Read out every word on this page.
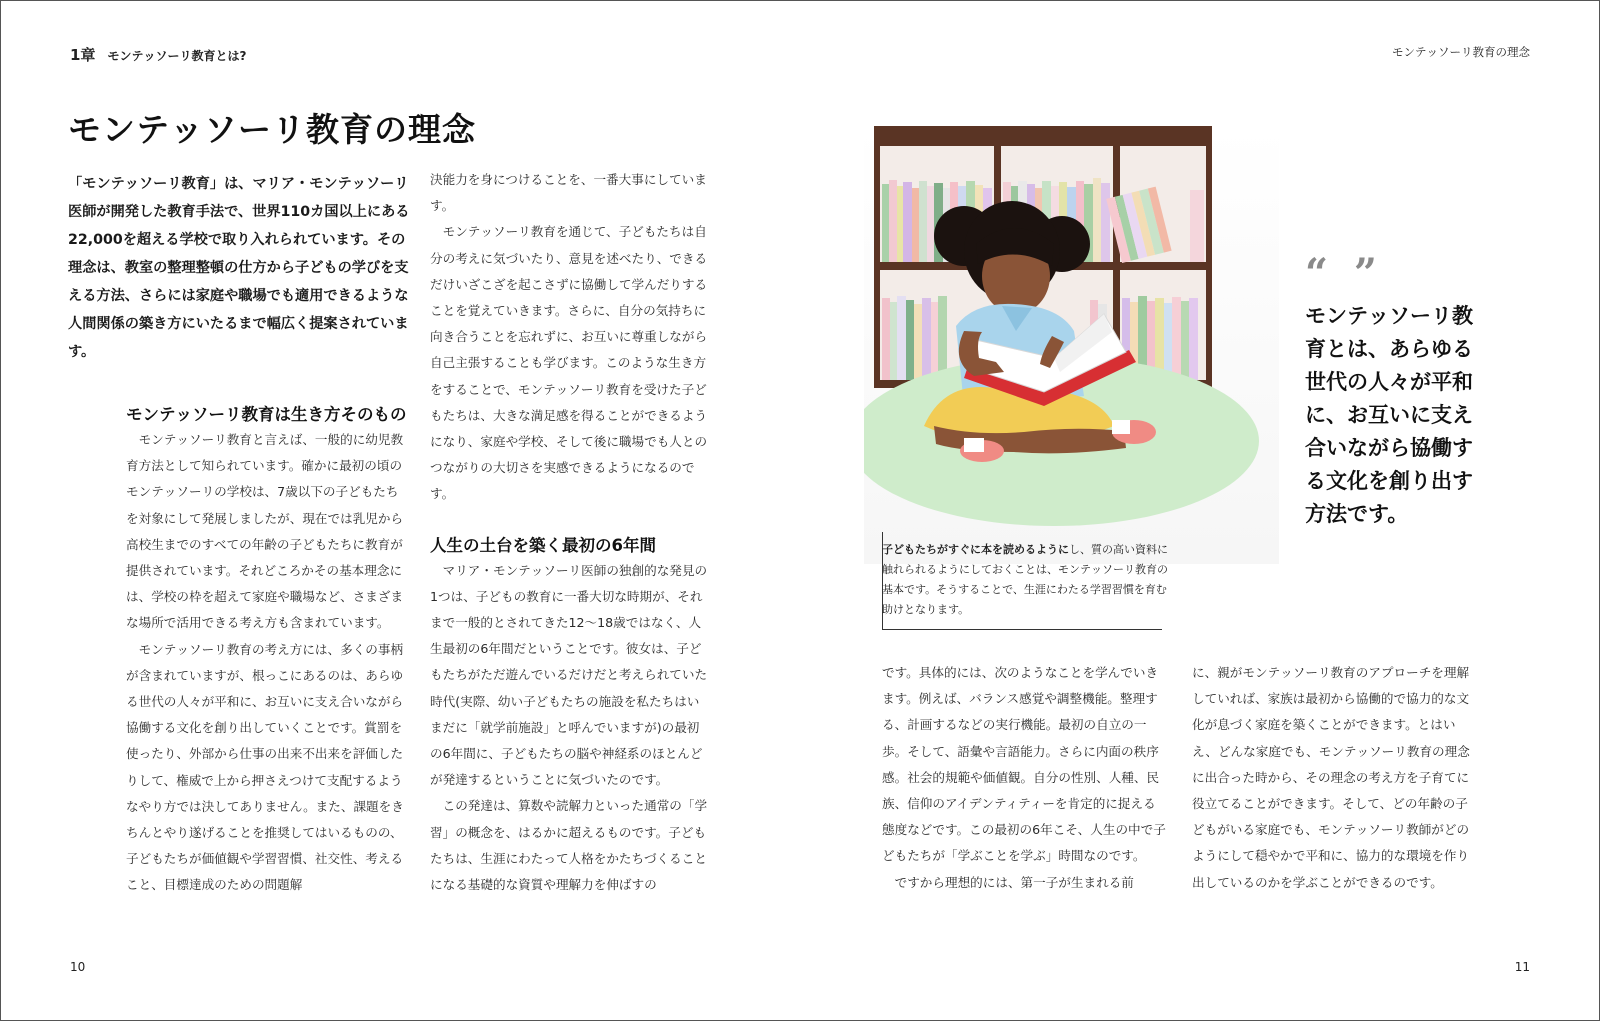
1章 モンテッソーリ教育とは?	モンテッソーリ教育の理念
モンテッソーリ教育の理念

「モンテッソーリ教育」は、マリア・モンテッソーリ医師が開発した教育手法で、世界110カ国以上にある22,000を超える学校で取り入れられています。その理念は、教室の整理整頓の仕方から子どもの学びを支える方法、さらには家庭や職場でも適用できるような人間関係の築き方にいたるまで幅広く提案されています。

モンテッソーリ教育は生き方そのもの

モンテッソーリ教育と言えば、一般的に幼児教育方法として知られています。確かに最初の頃のモンテッソーリの学校は、7歳以下の子どもたちを対象にして発展しましたが、現在では乳児から高校生までのすべての年齢の子どもたちに教育が提供されています。それどころかその基本理念には、学校の枠を超えて家庭や職場など、さまざまな場所で活用できる考え方も含まれています。

モンテッソーリ教育の考え方には、多くの事柄が含まれていますが、根っこにあるのは、あらゆる世代の人々が平和に、お互いに支え合いながら協働する文化を創り出していくことです。賞罰を使ったり、外部から仕事の出来不出来を評価したりして、権威で上から押さえつけて支配するようなやり方では決してありません。また、課題をきちんとやり遂げることを推奨してはいるものの、子どもたちが価値観や学習習慣、社交性、考えること、目標達成のための問題解

決能力を身につけることを、一番大事にしています。

モンテッソーリ教育を通じて、子どもたちは自分の考えに気づいたり、意見を述べたり、できるだけいざこざを起こさずに協働して学んだりすることを覚えていきます。さらに、自分の気持ちに向き合うことを忘れずに、お互いに尊重しながら自己主張することも学びます。このような生き方をすることで、モンテッソーリ教育を受けた子どもたちは、大きな満足感を得ることができるようになり、家庭や学校、そして後に職場でも人とのつながりの大切さを実感できるようになるのです。

人生の土台を築く最初の6年間

マリア・モンテッソーリ医師の独創的な発見の1つは、子どもの教育に一番大切な時期が、それまで一般的とされてきた12〜18歳ではなく、人生最初の6年間だということです。彼女は、子どもたちがただ遊んでいるだけだと考えられていた時代(実際、幼い子どもたちの施設を私たちはいまだに「就学前施設」と呼んでいますが)の最初の6年間に、子どもたちの脳や神経系のほとんどが発達するということに気づいたのです。

この発達は、算数や読解力といった通常の「学習」の概念を、はるかに超えるものです。子どもたちは、生涯にわたって人格をかたちづくることになる基礎的な資質や理解力を伸ばすの

子どもたちがすぐに本を読めるようにし、質の高い資料に触れられるようにしておくことは、モンテッソーリ教育の基本です。そうすることで、生涯にわたる学習習慣を育む助けとなります。
“ ”
モンテッソーリ教育とは、あらゆる世代の人々が平和に、お互いに支え合いながら協働する文化を創り出す方法です。

です。具体的には、次のようなことを学んでいきます。例えば、バランス感覚や調整機能。整理する、計画するなどの実行機能。最初の自立の一歩。そして、語彙や言語能力。さらに内面の秩序感。社会的規範や価値観。自分の性別、人種、民族、信仰のアイデンティティーを肯定的に捉える態度などです。この最初の6年こそ、人生の中で子どもたちが「学ぶことを学ぶ」時間なのです。

ですから理想的には、第一子が生まれる前

に、親がモンテッソーリ教育のアプローチを理解していれば、家族は最初から協働的で協力的な文化が息づく家庭を築くことができます。とはいえ、どんな家庭でも、モンテッソーリ教育の理念に出合った時から、その理念の考え方を子育てに役立てることができます。そして、どの年齢の子どもがいる家庭でも、モンテッソーリ教師がどのようにして穏やかで平和に、協力的な環境を作り出しているのかを学ぶことができるのです。

10	11
